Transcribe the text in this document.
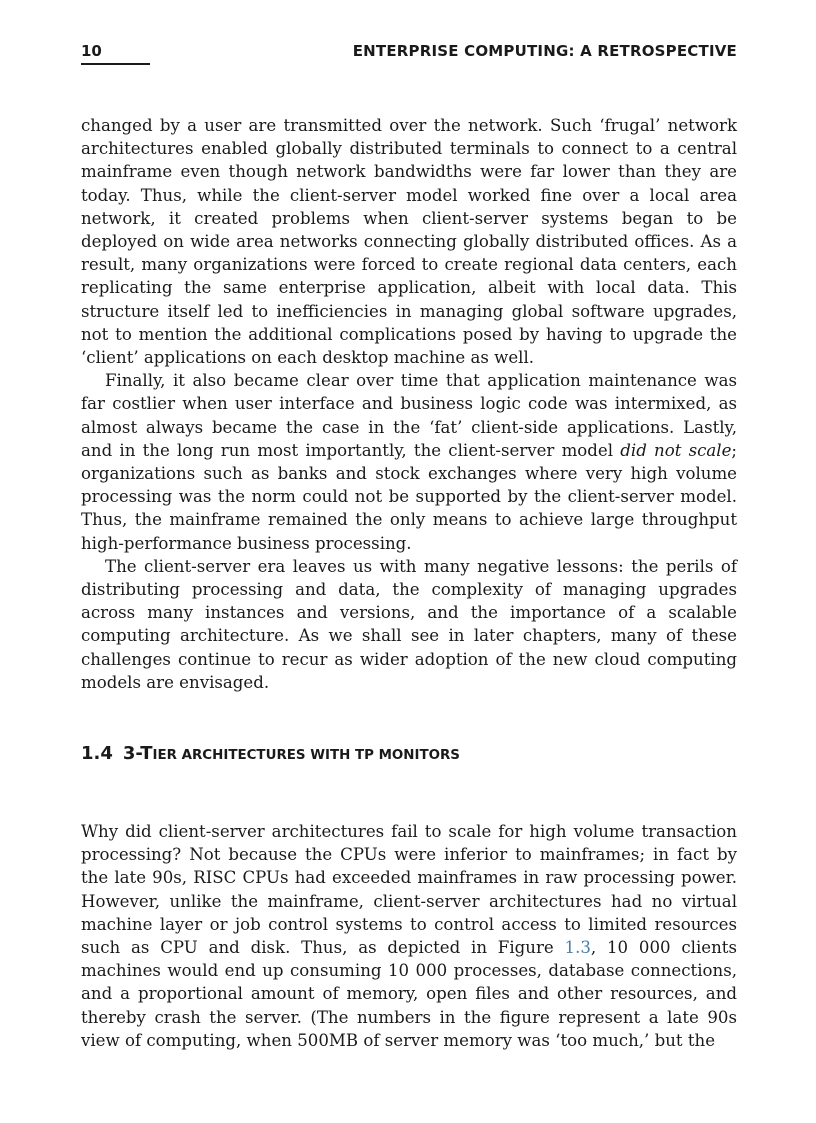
10	ENTERPRISE COMPUTING: A RETROSPECTIVE

changed by a user are transmitted over the network. Such ‘frugal’ network architectures enabled globally distributed terminals to connect to a central mainframe even though network bandwidths were far lower than they are today. Thus, while the client-server model worked fine over a local area network, it created problems when client-server systems began to be deployed on wide area networks connecting globally distributed offices. As a result, many organizations were forced to create regional data centers, each replicating the same enterprise application, albeit with local data. This structure itself led to inefficiencies in managing global software upgrades, not to mention the additional complications posed by having to upgrade the ‘client’ applications on each desktop machine as well.

Finally, it also became clear over time that application maintenance was far costlier when user interface and business logic code was intermixed, as almost always became the case in the ‘fat’ client-side applications. Lastly, and in the long run most importantly, the client-server model did not scale; organizations such as banks and stock exchanges where very high volume processing was the norm could not be supported by the client-server model. Thus, the mainframe remained the only means to achieve large throughput high-performance business processing.

The client-server era leaves us with many negative lessons: the perils of distributing processing and data, the complexity of managing upgrades across many instances and versions, and the importance of a scalable computing architecture. As we shall see in later chapters, many of these challenges continue to recur as wider adoption of the new cloud computing models are envisaged.

1.4 3-TIER ARCHITECTURES WITH TP MONITORS

Why did client-server architectures fail to scale for high volume transaction processing? Not because the CPUs were inferior to mainframes; in fact by the late 90s, RISC CPUs had exceeded mainframes in raw processing power. However, unlike the mainframe, client-server architectures had no virtual machine layer or job control systems to control access to limited resources such as CPU and disk. Thus, as depicted in Figure 1.3, 10 000 clients machines would end up consuming 10 000 processes, database connections, and a proportional amount of memory, open files and other resources, and thereby crash the server. (The numbers in the figure represent a late 90s view of computing, when 500MB of server memory was ‘too much,’ but the
